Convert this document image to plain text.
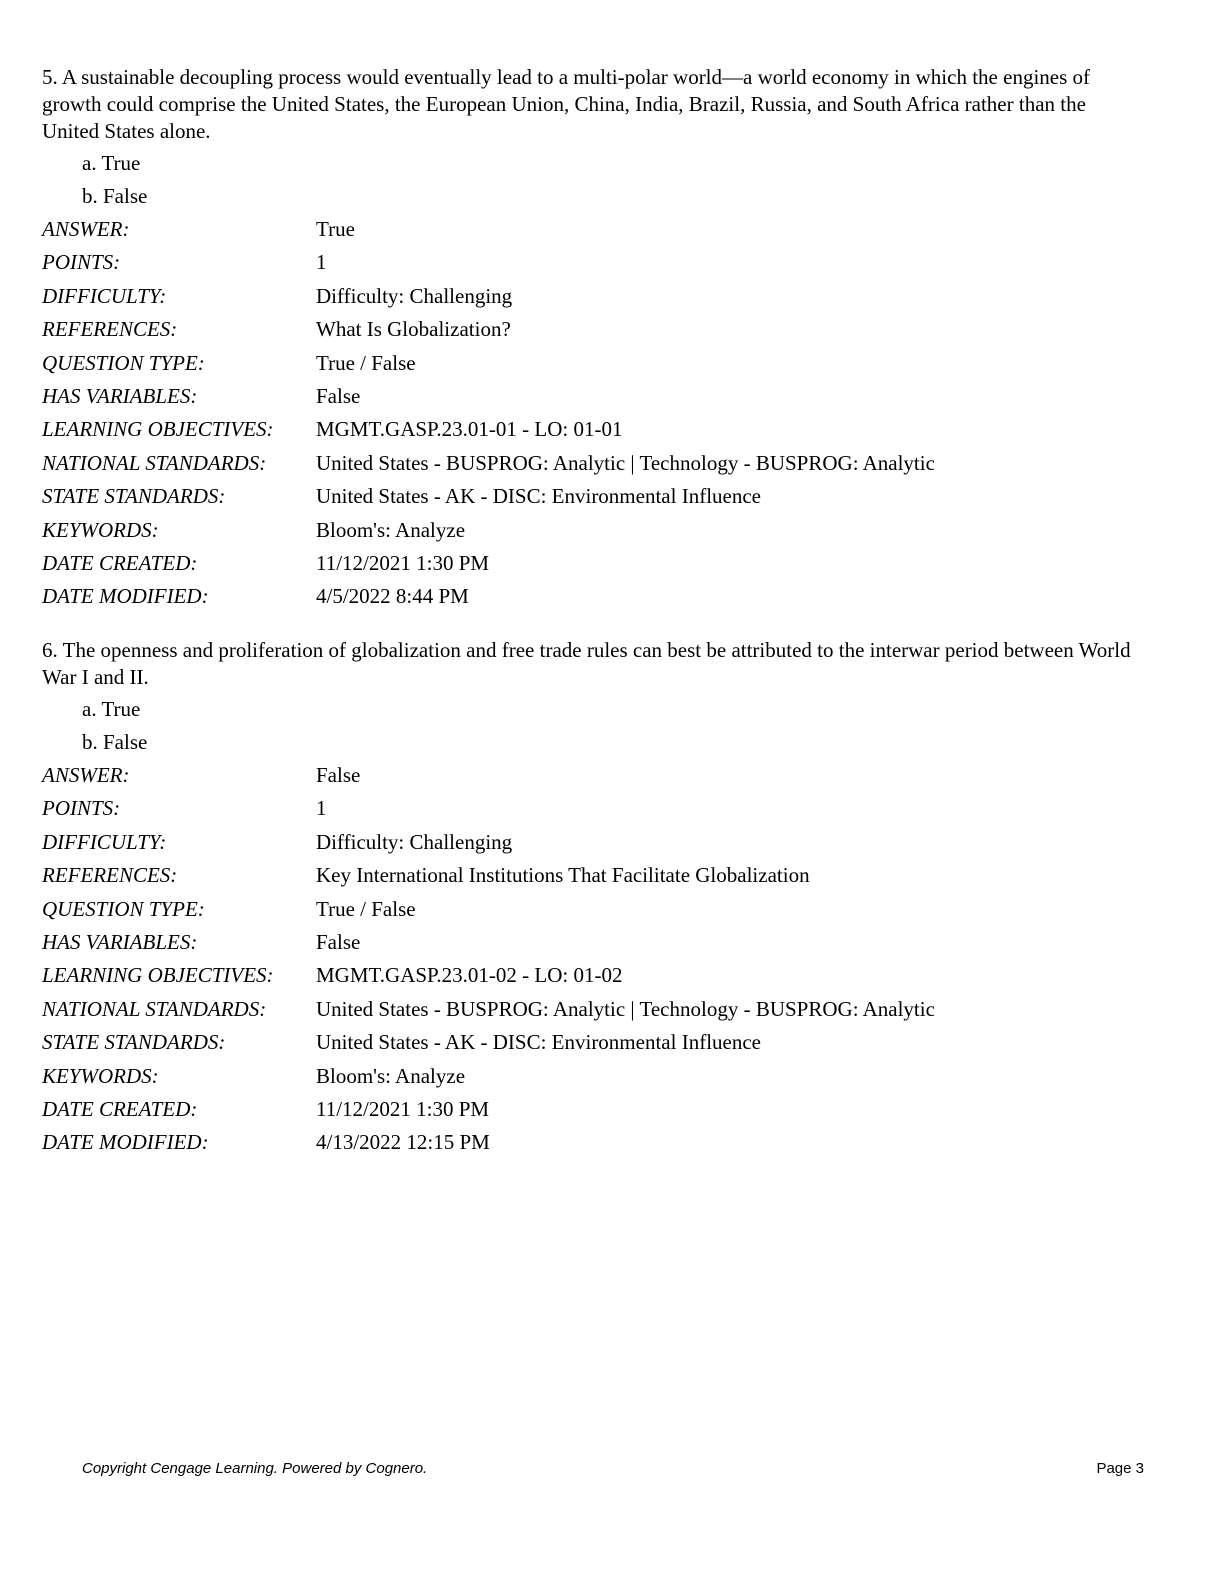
5. A sustainable decoupling process would eventually lead to a multi-polar world—a world economy in which the engines of growth could comprise the United States, the European Union, China, India, Brazil, Russia, and South Africa rather than the United States alone.

a. True
b. False
ANSWER:	True
POINTS:	1
DIFFICULTY:	Difficulty: Challenging
REFERENCES:	What Is Globalization?
QUESTION TYPE:	True / False
HAS VARIABLES:	False
LEARNING OBJECTIVES:	MGMT.GASP.23.01-01 - LO: 01-01
NATIONAL STANDARDS:	United States - BUSPROG: Analytic | Technology - BUSPROG: Analytic
STATE STANDARDS:	United States - AK - DISC: Environmental Influence
KEYWORDS:	Bloom's: Analyze
DATE CREATED:	11/12/2021 1:30 PM
DATE MODIFIED:	4/5/2022 8:44 PM

6. The openness and proliferation of globalization and free trade rules can best be attributed to the interwar period between World War I and II.

a. True
b. False
ANSWER:	False
POINTS:	1
DIFFICULTY:	Difficulty: Challenging
REFERENCES:	Key International Institutions That Facilitate Globalization
QUESTION TYPE:	True / False
HAS VARIABLES:	False
LEARNING OBJECTIVES:	MGMT.GASP.23.01-02 - LO: 01-02
NATIONAL STANDARDS:	United States - BUSPROG: Analytic | Technology - BUSPROG: Analytic
STATE STANDARDS:	United States - AK - DISC: Environmental Influence
KEYWORDS:	Bloom's: Analyze
DATE CREATED:	11/12/2021 1:30 PM
DATE MODIFIED:	4/13/2022 12:15 PM
Copyright Cengage Learning. Powered by Cognero.	Page 3
